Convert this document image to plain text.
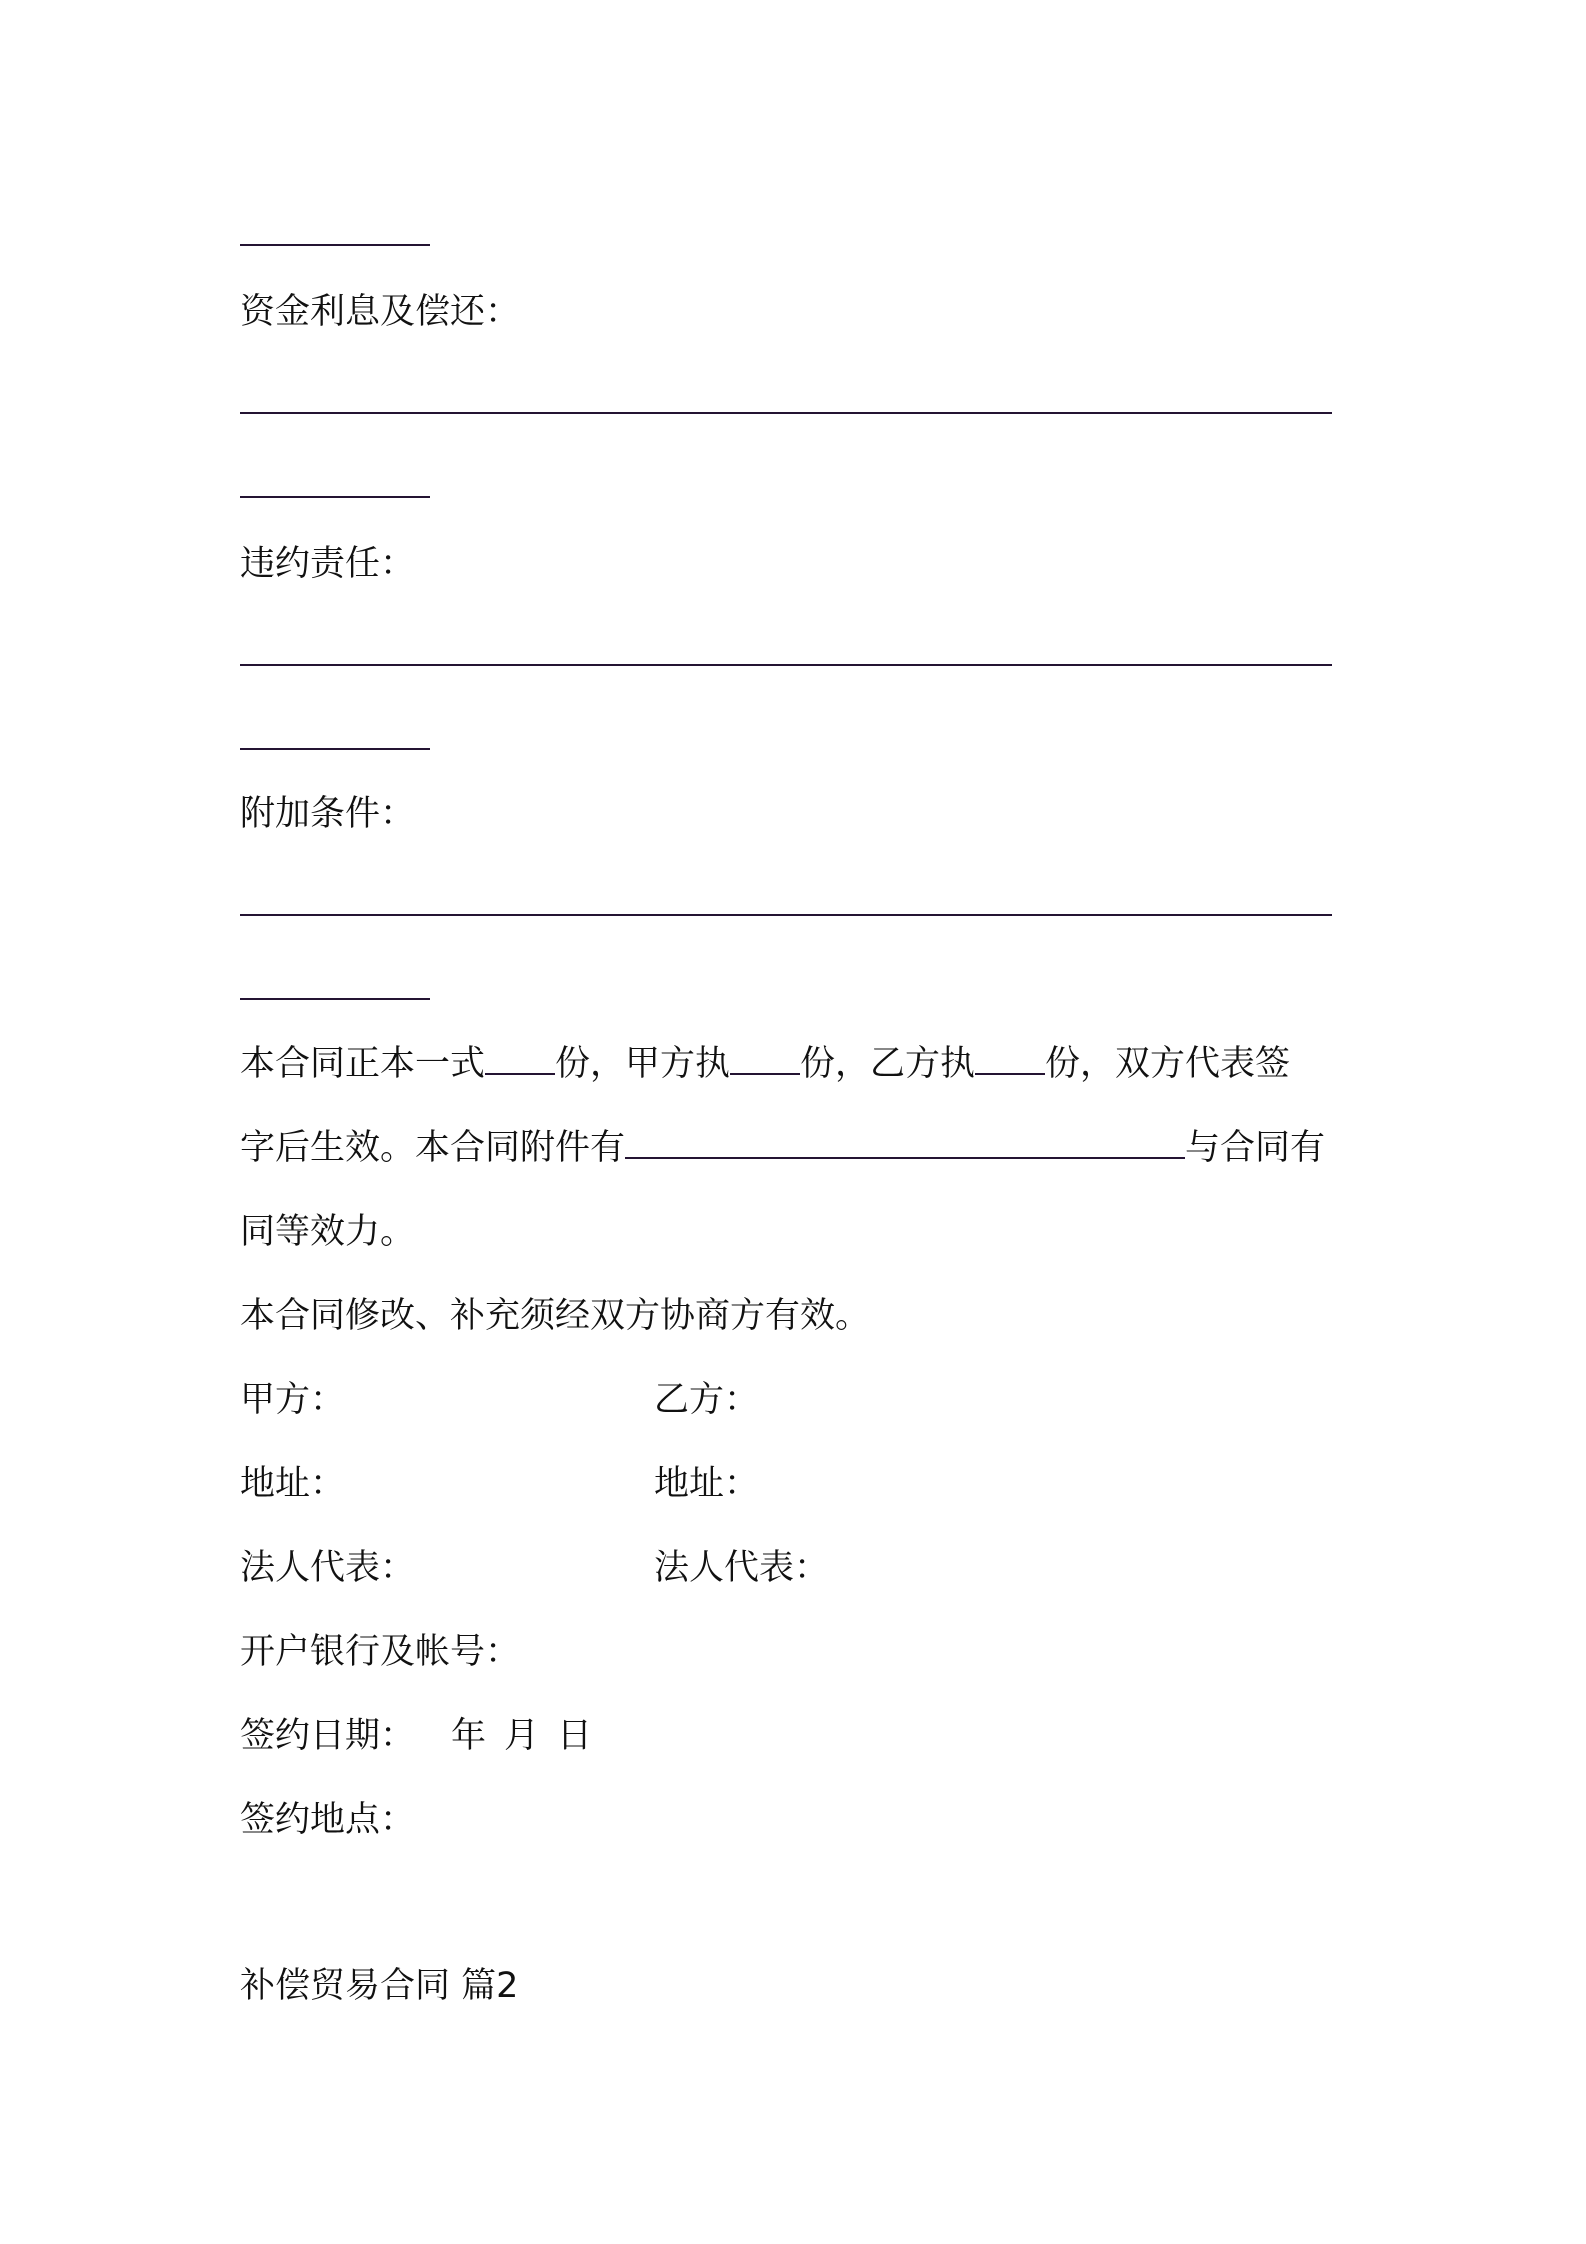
资金利息及偿还：
违约责任：
附加条件：
本合同正本一式 份，甲方执 份，乙方执 份，双方代表签
字后生效。本合同附件有	与合同有
同等效力。
本合同修改、补充须经双方协商方有效。
甲方：	乙方：
地址：	地址：
法人代表：	法人代表：
开户银行及帐号：
签约日期： 年 月 日
签约地点：
补偿贸易合同 篇2
